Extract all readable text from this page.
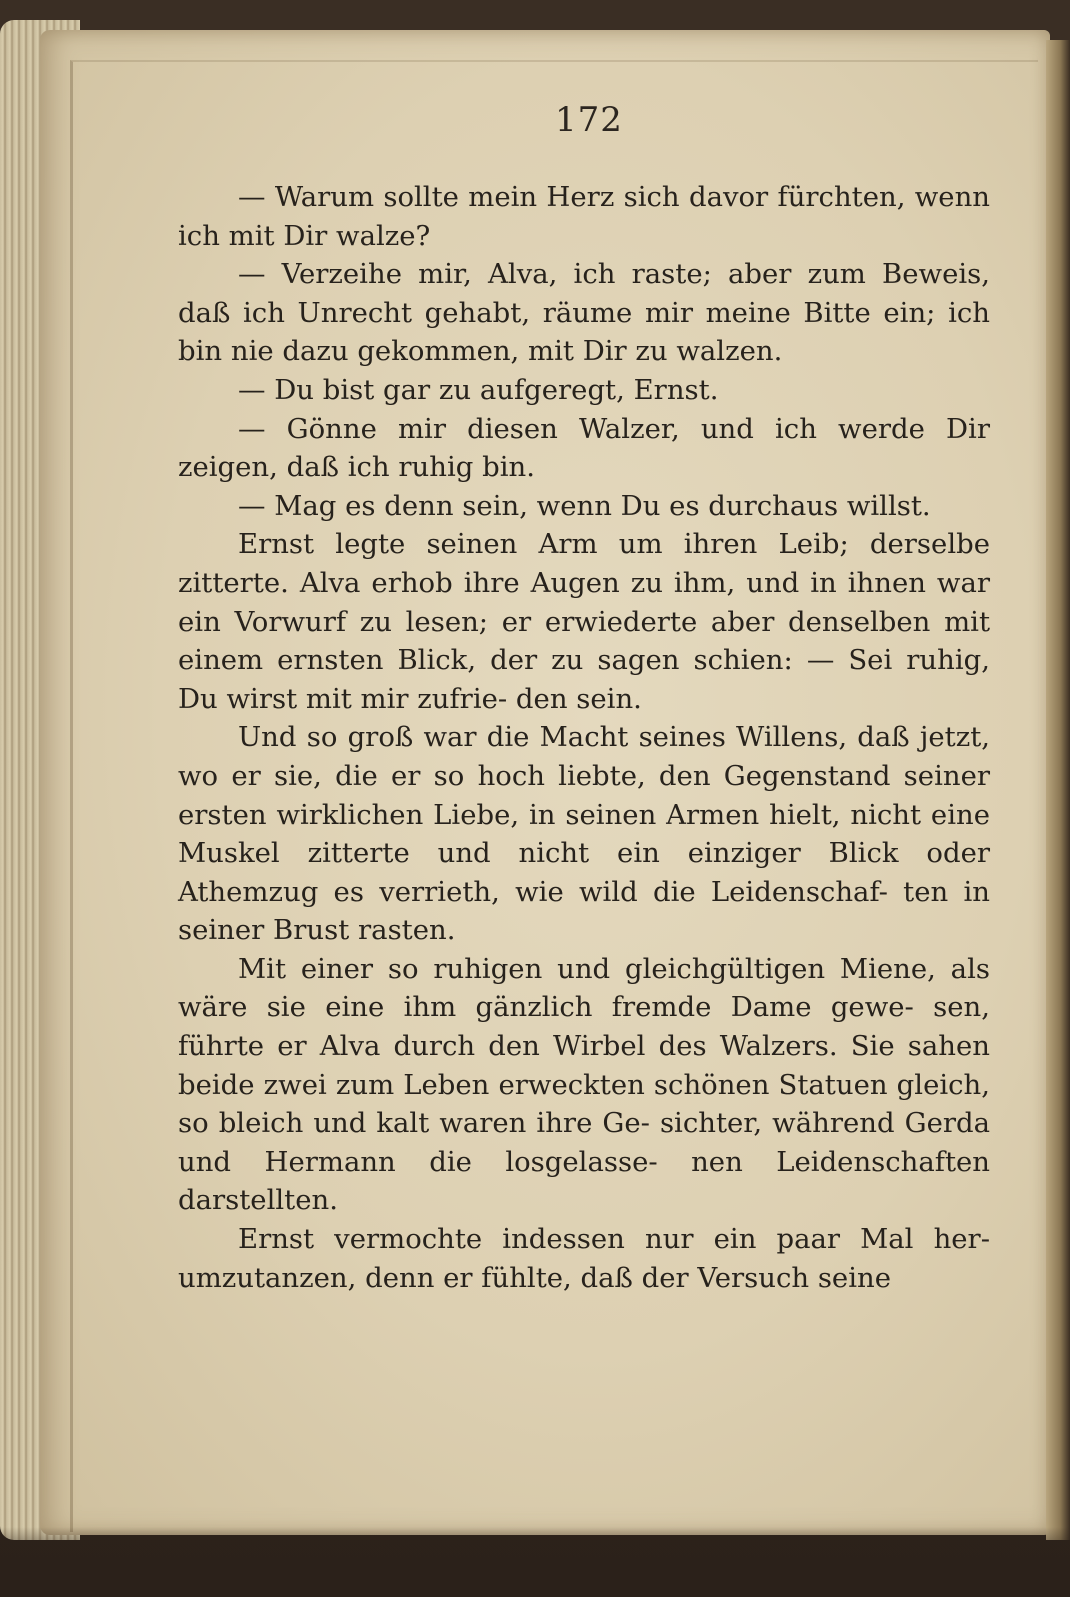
172

— Warum sollte mein Herz sich davor fürchten, wenn ich mit Dir walze?

— Verzeihe mir, Alva, ich raste; aber zum Beweis, daß ich Unrecht gehabt, räume mir meine Bitte ein; ich bin nie dazu gekommen, mit Dir zu walzen.

— Du bist gar zu aufgeregt, Ernst.

— Gönne mir diesen Walzer, und ich werde Dir zeigen, daß ich ruhig bin.

— Mag es denn sein, wenn Du es durchaus willst.

Ernst legte seinen Arm um ihren Leib; derselbe zitterte. Alva erhob ihre Augen zu ihm, und in ihnen war ein Vorwurf zu lesen; er erwiederte aber denselben mit einem ernsten Blick, der zu sagen schien: — Sei ruhig, Du wirst mit mir zufrie- den sein.

Und so groß war die Macht seines Willens, daß jetzt, wo er sie, die er so hoch liebte, den Gegenstand seiner ersten wirklichen Liebe, in seinen Armen hielt, nicht eine Muskel zitterte und nicht ein einziger Blick oder Athemzug es verrieth, wie wild die Leidenschaf- ten in seiner Brust rasten.

Mit einer so ruhigen und gleichgültigen Miene, als wäre sie eine ihm gänzlich fremde Dame gewe- sen, führte er Alva durch den Wirbel des Walzers. Sie sahen beide zwei zum Leben erweckten schönen Statuen gleich, so bleich und kalt waren ihre Ge- sichter, während Gerda und Hermann die losgelasse- nen Leidenschaften darstellten.

Ernst vermochte indessen nur ein paar Mal her- umzutanzen, denn er fühlte, daß der Versuch seine
